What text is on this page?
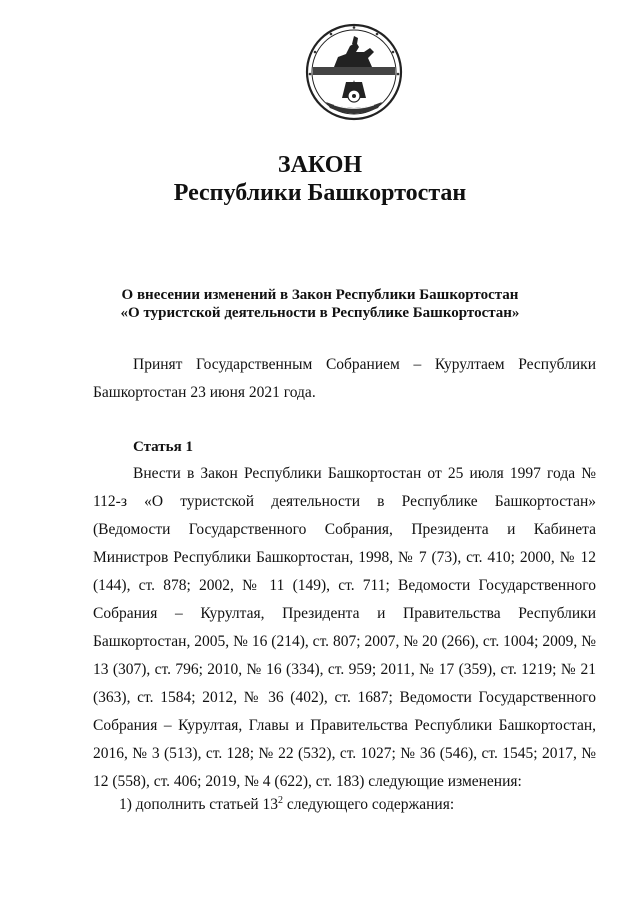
ЗАКОН
Республики Башкортостан
О внесении изменений в Закон Республики Башкортостан
«О туристской деятельности в Республике Башкортостан»
Принят Государственным Собранием – Курултаем Республики Башкортостан 23 июня 2021 года.
Статья 1
Внести в Закон Республики Башкортостан от 25 июля 1997 года № 112-з «О туристской деятельности в Республике Башкортостан» (Ведомости Государственного Собрания, Президента и Кабинета Министров Республики Башкортостан, 1998, № 7 (73), ст. 410; 2000, № 12 (144), ст. 878; 2002, № 11 (149), ст. 711; Ведомости Государственного Собрания – Курултая, Президента и Правительства Республики Башкортостан, 2005, № 16 (214), ст. 807; 2007, № 20 (266), ст. 1004; 2009, № 13 (307), ст. 796; 2010, № 16 (334), ст. 959; 2011, № 17 (359), ст. 1219; № 21 (363), ст. 1584; 2012, № 36 (402), ст. 1687; Ведомости Государственного Собрания – Курултая, Главы и Правительства Республики Башкортостан, 2016, № 3 (513), ст. 128; № 22 (532), ст. 1027; № 36 (546), ст. 1545; 2017, № 12 (558), ст. 406; 2019, № 4 (622), ст. 183) следующие изменения:
1) дополнить статьей $13^2$ следующего содержания:
